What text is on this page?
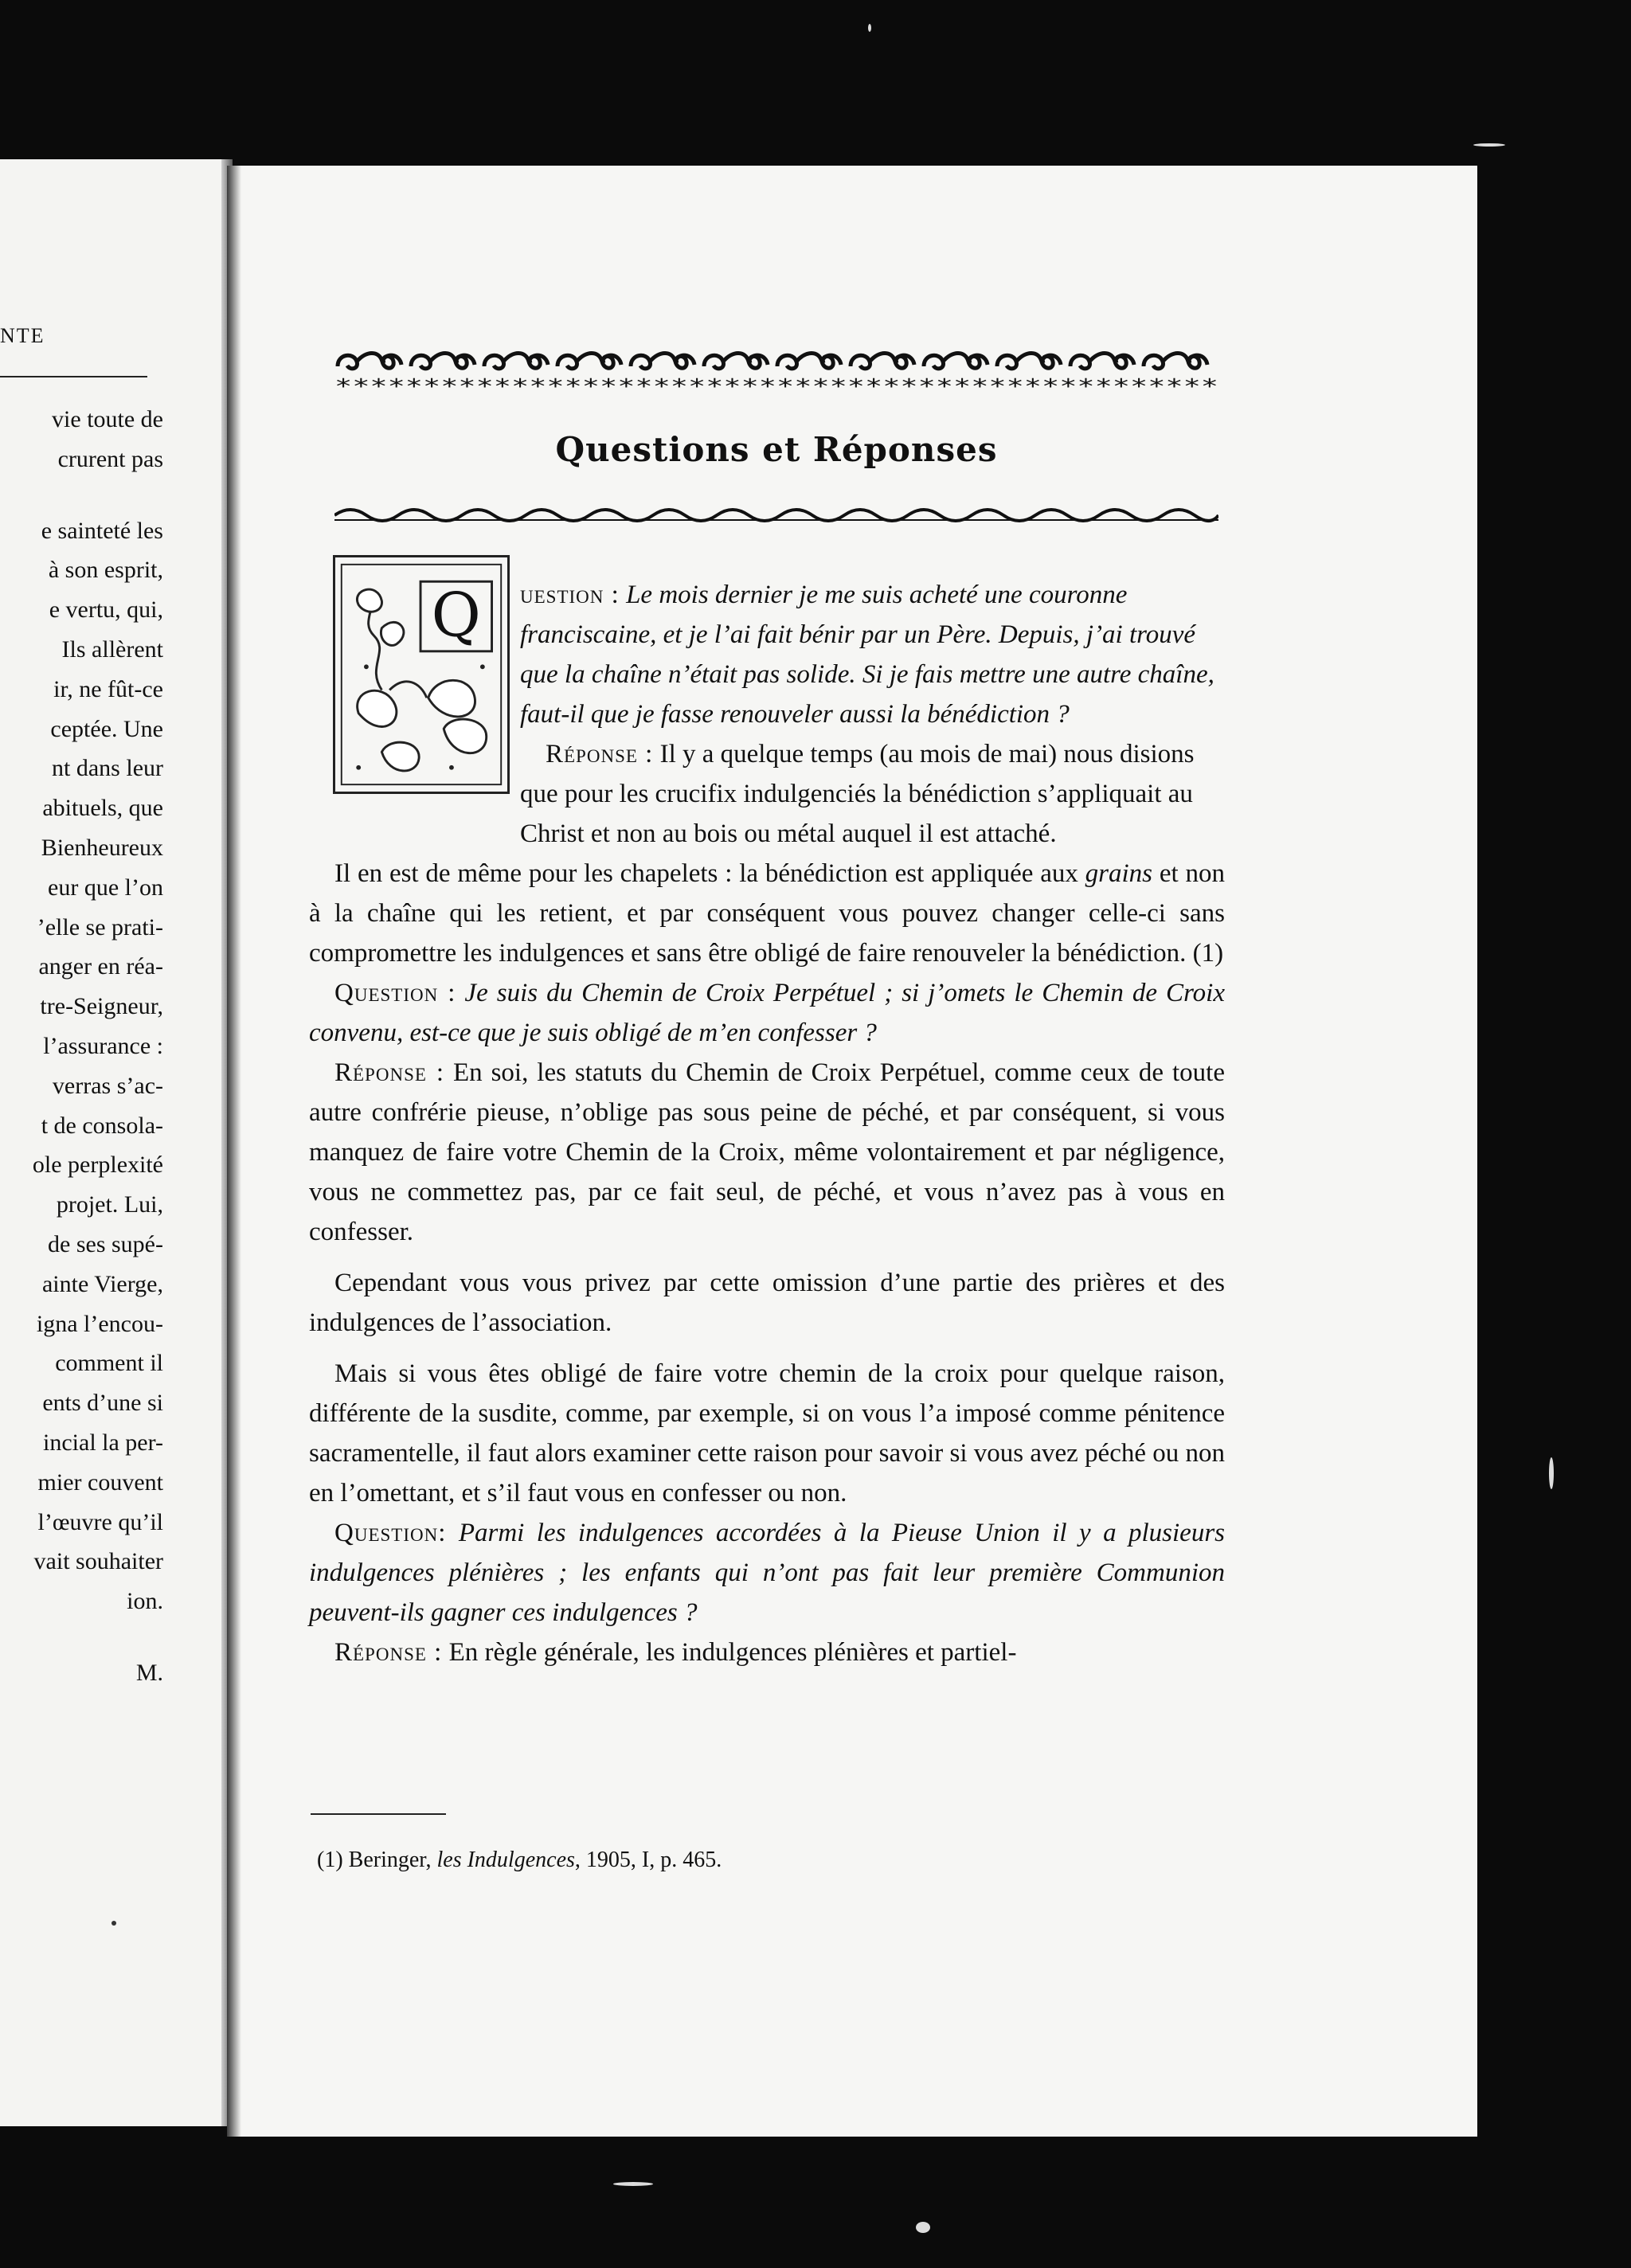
NTE
vie toute de
crurent pas
e sainteté les
à son esprit,
e vertu, qui,
Ils allèrent
ir, ne fût-ce
ceptée. Une
nt dans leur
abituels, que
Bienheureux
eur que l’on
’elle se prati-
anger en réa-
tre-Seigneur,
l’assurance :
verras s’ac-
t de consola-
ole perplexité
projet. Lui,
de ses supé-
ainte Vierge,
igna l’encou-
comment il
ents d’une si
incial la per-
mier couvent
l’œuvre qu’il
vait souhaiter
ion.
M.
**************************************************
Questions et Réponses
Q uestion : Le mois dernier je me suis acheté une couronne franciscaine, et je l’ai fait bénir par un Père. Depuis, j’ai trouvé que la chaîne n’était pas solide. Si je fais mettre une autre chaîne, faut-il que je fasse renouveler aussi la bénédiction ?

Réponse : Il y a quelque temps (au mois de mai) nous disions que pour les crucifix indulgenciés la bénédiction s’appliquait au Christ et non au bois ou métal auquel il est attaché.

Il en est de même pour les chapelets : la bénédiction est appliquée aux grains et non à la chaîne qui les retient, et par conséquent vous pouvez changer celle-ci sans compromettre les indulgences et sans être obligé de faire renouveler la bénédiction. (1)

Question : Je suis du Chemin de Croix Perpétuel ; si j’omets le Chemin de Croix convenu, est-ce que je suis obligé de m’en confesser ?

Réponse : En soi, les statuts du Chemin de Croix Perpétuel, comme ceux de toute autre confrérie pieuse, n’oblige pas sous peine de péché, et par conséquent, si vous manquez de faire votre Chemin de la Croix, même volontairement et par négligence, vous ne commettez pas, par ce fait seul, de péché, et vous n’avez pas à vous en confesser.

Cependant vous vous privez par cette omission d’une partie des prières et des indulgences de l’association.

Mais si vous êtes obligé de faire votre chemin de la croix pour quelque raison, différente de la susdite, comme, par exemple, si on vous l’a imposé comme pénitence sacramentelle, il faut alors examiner cette raison pour savoir si vous avez péché ou non en l’omettant, et s’il faut vous en confesser ou non.

Question: Parmi les indulgences accordées à la Pieuse Union il y a plusieurs indulgences plénières ; les enfants qui n’ont pas fait leur première Communion peuvent-ils gagner ces indulgences ?

Réponse : En règle générale, les indulgences plénières et partiel-

(1) Beringer, les Indulgences, 1905, I, p. 465.
